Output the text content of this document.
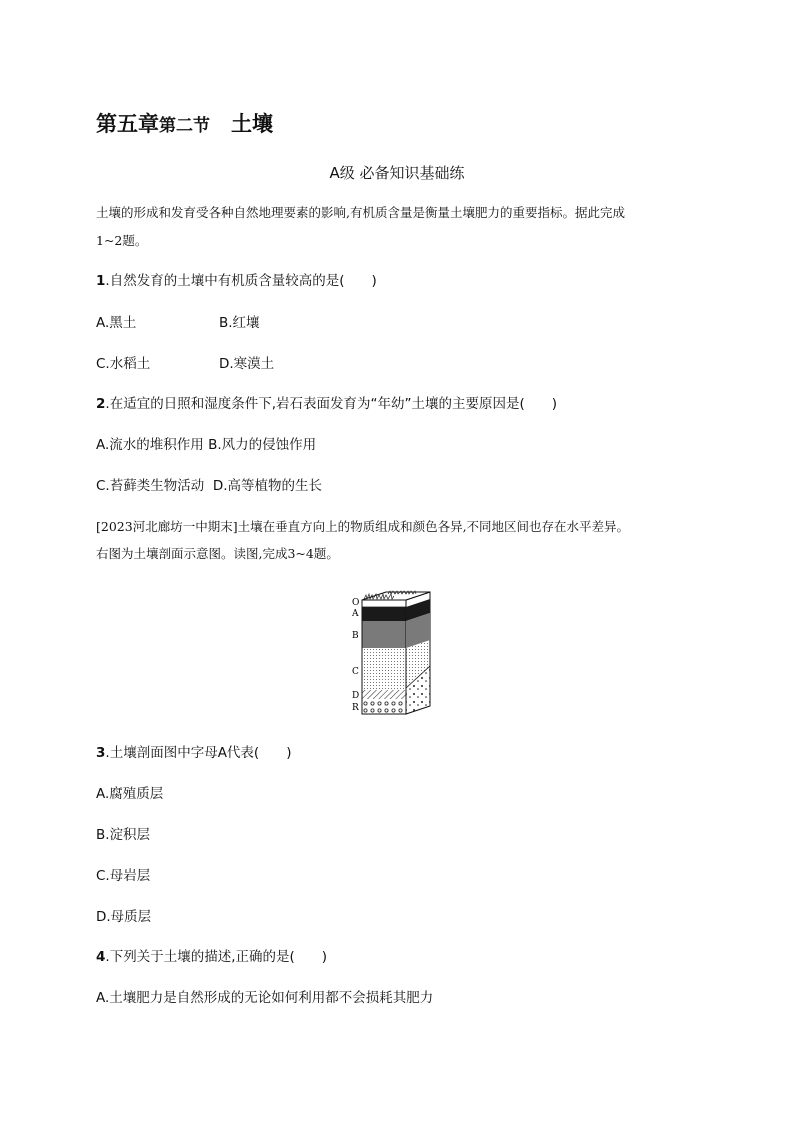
第五章第二节　 土壤
A级 必备知识基础练
土壤的形成和发育受各种自然地理要素的影响,有机质含量是衡量土壤肥力的重要指标。据此完成
1~2题。
1.自然发育的土壤中有机质含量较高的是(　　)
A.黑土	B.红壤
C.水稻土	D.寒漠土
2.在适宜的日照和湿度条件下,岩石表面发育为“年幼”土壤的主要原因是(　　)
A.流水的堆积作用 B.风力的侵蚀作用
C.苔藓类生物活动 D.高等植物的生长
[2023河北廊坊一中期末]土壤在垂直方向上的物质组成和颜色各异,不同地区间也存在水平差异。
右图为土壤剖面示意图。读图,完成3~4题。
O
A
B
C
D
R
3.土壤剖面图中字母A代表(　　)
A.腐殖质层
B.淀积层
C.母岩层
D.母质层
4.下列关于土壤的描述,正确的是(　　)
A.土壤肥力是自然形成的无论如何利用都不会损耗其肥力
